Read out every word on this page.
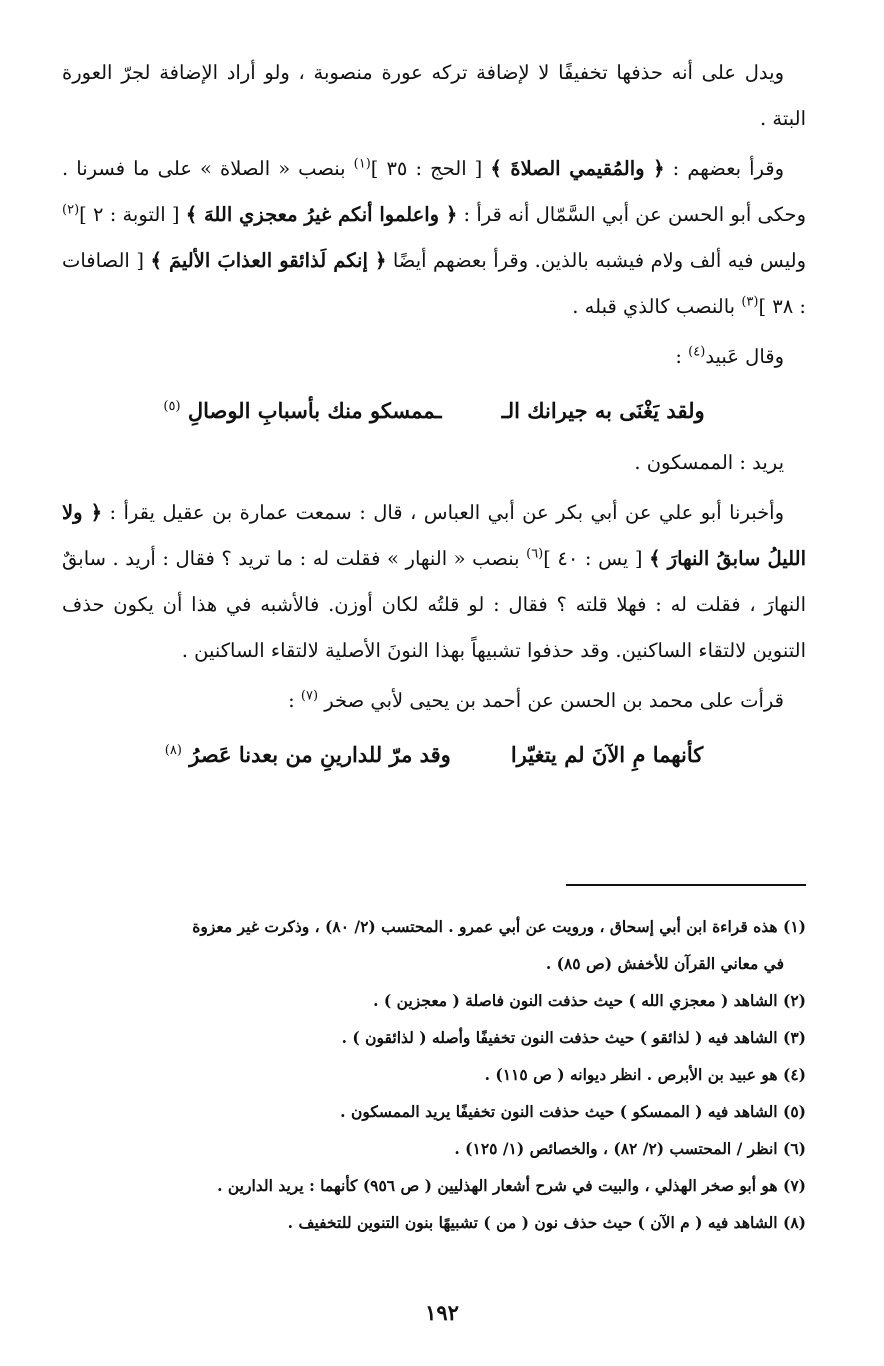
ويدل على أنه حذفها تخفيفًا لا لإضافة تركه عورة منصوبة ، ولو أراد الإضافة لجرّ العورة البتة .

وقرأ بعضهم : ﴿ والمُقيمي الصلاةَ ﴾ [ الحج : ٣٥ ]$^{(١)}$ بنصب « الصلاة » على ما فسرنا . وحكى أبو الحسن عن أبي السَّمّال أنه قرأ : ﴿ واعلموا أنكم غيرُ معجزي اللهَ ﴾ [ التوبة : ٢ ]$^{(٢)}$ وليس فيه ألف ولام فيشبه بالذين. وقرأ بعضهم أيضًا ﴿ إنكم لَذائقو العذابَ الأليمَ ﴾ [ الصافات : ٣٨ ]$^{(٣)}$ بالنصب كالذي قبله .

وقال عَبيد$^{(٤)}$ :

ولقد يَغْنَى به جيرانك الـ
ـممسكو منك بأسبابِ الوصالِ $^{(٥)}$

يريد : الممسكون .

وأخبرنا أبو علي عن أبي بكر عن أبي العباس ، قال : سمعت عمارة بن عقيل يقرأ : ﴿ ولا الليلُ سابقُ النهارَ ﴾ [ يس : ٤٠ ]$^{(٦)}$ بنصب « النهار » فقلت له : ما تريد ؟ فقال : أريد . سابقٌ النهارَ ، فقلت له : فهلا قلته ؟ فقال : لو قلتُه لكان أوزن. فالأشبه في هذا أن يكون حذف التنوين لالتقاء الساكنين. وقد حذفوا تشبيهاً بهذا النونَ الأصلية لالتقاء الساكنين .

قرأت على محمد بن الحسن عن أحمد بن يحيى لأبي صخر $^{(٧)}$ :

كأنهما مِ الآنَ لم يتغيّرا
وقد مرّ للدارينِ من بعدنا عَصرُ $^{(٨)}$

(١) هذه قراءة ابن أبي إسحاق ، ورويت عن أبي عمرو . المحتسب (٢/ ٨٠) ، وذكرت غير معزوة

في معاني القرآن للأخفش (ص ٨٥) .

(٢) الشاهد ( معجزي الله ) حيث حذفت النون فاصلة ( معجزين ) .

(٣) الشاهد فيه ( لذائقو ) حيث حذفت النون تخفيفًا وأصله ( لذائقون ) .

(٤) هو عبيد بن الأبرص . انظر ديوانه ( ص ١١٥) .

(٥) الشاهد فيه ( الممسكو ) حيث حذفت النون تخفيفًا يريد الممسكون .

(٦) انظر / المحتسب (٢/ ٨٢) ، والخصائص (١/ ١٢٥) .

(٧) هو أبو صخر الهذلي ، والبيت في شرح أشعار الهذليين ( ص ٩٥٦) كأنهما : يريد الدارين .

(٨) الشاهد فيه ( م الآن ) حيث حذف نون ( من ) تشبيهًا بنون التنوين للتخفيف .

١٩٢
